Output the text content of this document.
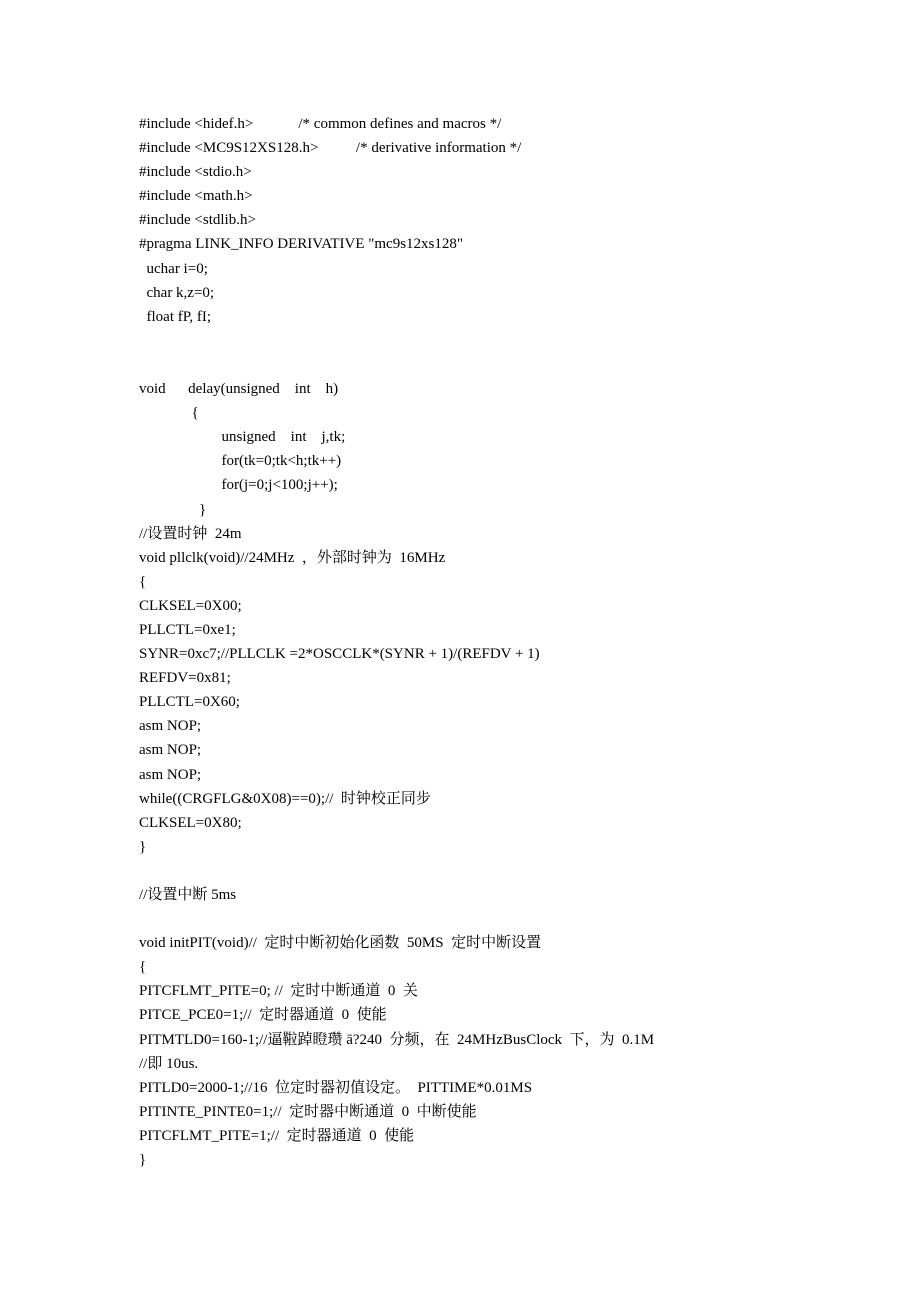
#include <hidef.h>            /* common defines and macros */
#include <MC9S12XS128.h>          /* derivative information */
#include <stdio.h>
#include <math.h>
#include <stdlib.h>
#pragma LINK_INFO DERIVATIVE "mc9s12xs128"
uchar i=0;
char k,z=0;
float fP, fI;
void      delay(unsigned    int    h)
{
unsigned    int    j,tk;
for(tk=0;tk<h;tk++)
for(j=0;j<100;j++);
}
//设置时钟  24m
void pllclk(void)//24MHz  ，外部时钟为  16MHz
{
CLKSEL=0X00;
PLLCTL=0xe1;
SYNR=0xc7;//PLLCLK =2*OSCCLK*(SYNR + 1)/(REFDV + 1)
REFDV=0x81;
PLLCTL=0X60;
asm NOP;
asm NOP;
asm NOP;
while((CRGFLG&0X08)==0);//  时钟校正同步
CLKSEL=0X80;
}
//设置中断 5ms
void initPIT(void)//  定时中断初始化函数  50MS  定时中断设置
{
PITCFLMT_PITE=0; //  定时中断通道  0  关
PITCE_PCE0=1;//  定时器通道  0  使能
PITMTLD0=160-1;//逼鞡踔瞪瓒 ā?240  分频，在  24MHzBusClock  下，为  0.1M
//即 10us.
PITLD0=2000-1;//16  位定时器初值设定。  PITTIME*0.01MS
PITINTE_PINTE0=1;//  定时器中断通道  0  中断使能
PITCFLMT_PITE=1;//  定时器通道  0  使能
}
